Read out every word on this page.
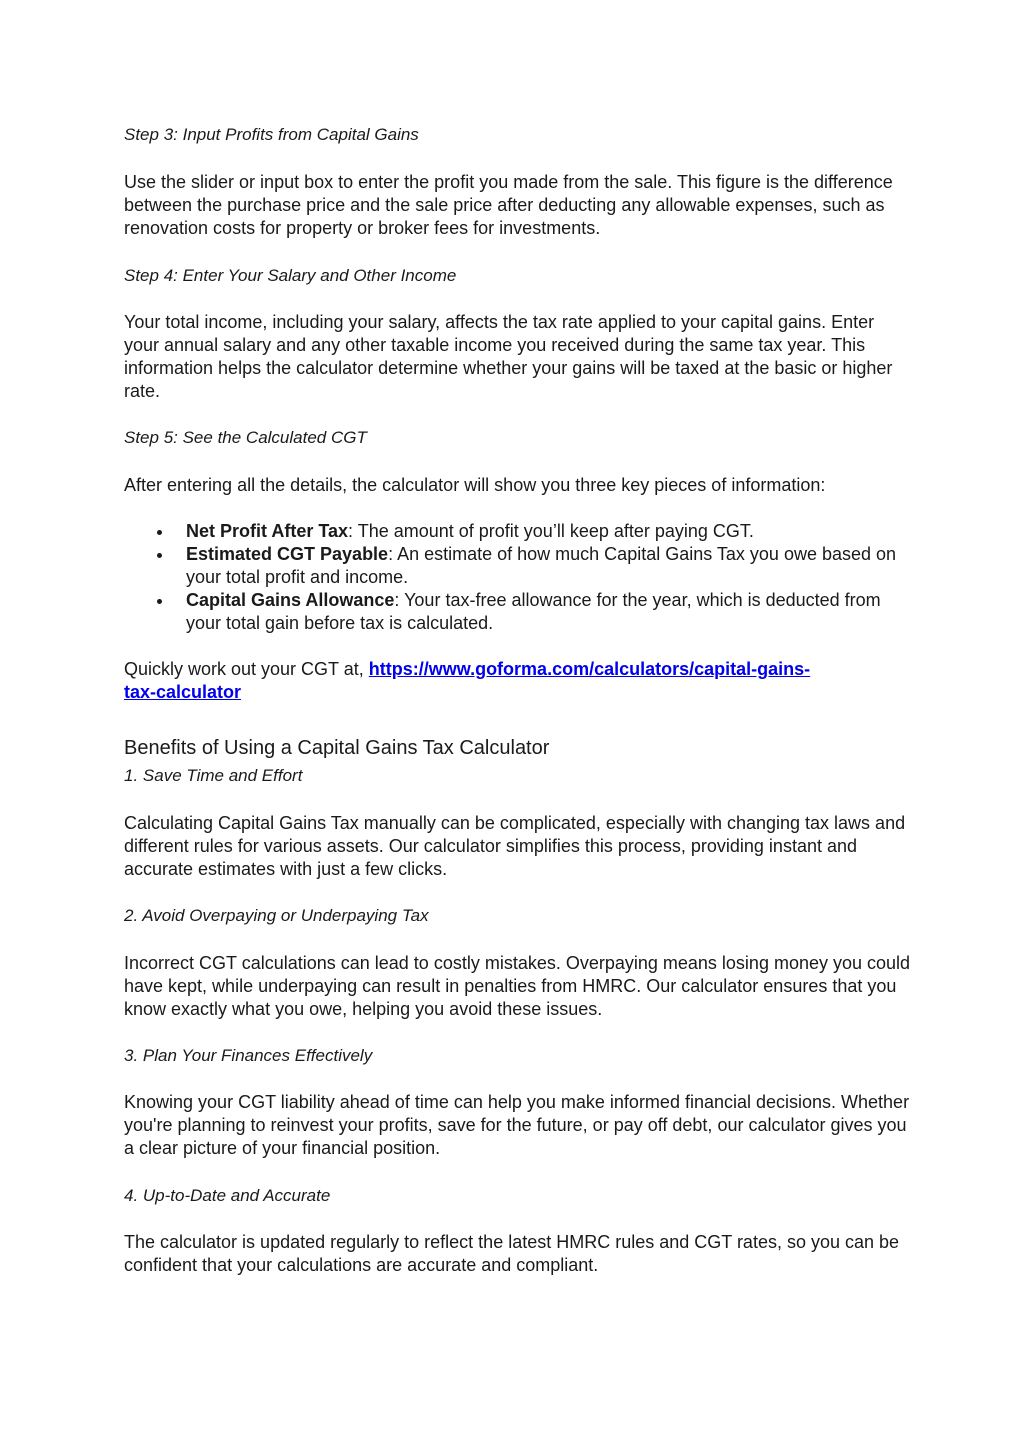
Step 3: Input Profits from Capital Gains

Use the slider or input box to enter the profit you made from the sale. This figure is the difference between the purchase price and the sale price after deducting any allowable expenses, such as renovation costs for property or broker fees for investments.

Step 4: Enter Your Salary and Other Income

Your total income, including your salary, affects the tax rate applied to your capital gains. Enter your annual salary and any other taxable income you received during the same tax year. This information helps the calculator determine whether your gains will be taxed at the basic or higher rate.

Step 5: See the Calculated CGT

After entering all the details, the calculator will show you three key pieces of information:

Net Profit After Tax: The amount of profit you’ll keep after paying CGT.
Estimated CGT Payable: An estimate of how much Capital Gains Tax you owe based on your total profit and income.
Capital Gains Allowance: Your tax-free allowance for the year, which is deducted from your total gain before tax is calculated.

Quickly work out your CGT at, https://www.goforma.com/calculators/capital-gains-
tax-calculator

Benefits of Using a Capital Gains Tax Calculator

1. Save Time and Effort

Calculating Capital Gains Tax manually can be complicated, especially with changing tax laws and different rules for various assets. Our calculator simplifies this process, providing instant and accurate estimates with just a few clicks.

2. Avoid Overpaying or Underpaying Tax

Incorrect CGT calculations can lead to costly mistakes. Overpaying means losing money you could have kept, while underpaying can result in penalties from HMRC. Our calculator ensures that you know exactly what you owe, helping you avoid these issues.

3. Plan Your Finances Effectively

Knowing your CGT liability ahead of time can help you make informed financial decisions. Whether you're planning to reinvest your profits, save for the future, or pay off debt, our calculator gives you a clear picture of your financial position.

4. Up-to-Date and Accurate

The calculator is updated regularly to reflect the latest HMRC rules and CGT rates, so you can be confident that your calculations are accurate and compliant.
